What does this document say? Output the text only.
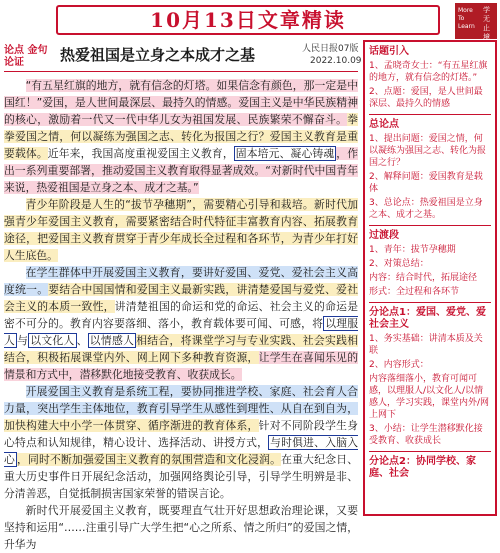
10月13日文章精读	More To Learn
学无止境
论点 金句
论证 热爱祖国是立身之本成才之基	人民日报07版
2022.10.09

“有五星红旗的地方，就有信念的灯塔。如果信念有颜色，那一定是中国红！”爱国，是人世间最深层、最持久的情感。爱国主义是中华民族精神的核心，激励着一代又一代中华儿女为祖国发展、民族繁荣不懈奋斗。拳拳爱国之情，何以凝练为强国之志、转化为报国之行？爱国主义教育是重要载体。近年来，我国高度重视爱国主义教育， 固本培元、凝心铸魂 ，作出一系列重要部署，推动爱国主义教育取得显著成效。“对新时代中国青年来说，热爱祖国是立身之本、成才之基。”

青少年阶段是人生的“拔节孕穗期”，需要精心引导和栽培。新时代加强青少年爱国主义教育，需要紧密结合时代特征丰富教育内容、拓展教育途径，把爱国主义教育贯穿于青少年成长全过程和各环节，为青少年打好人生底色。

在学生群体中开展爱国主义教育，要讲好爱国、爱党、爱社会主义高度统一。要结合中国国情和爱国主义最新实践，讲清楚爱国与爱党、爱社会主义的本质一致性，讲清楚祖国的命运和党的命运、社会主义的命运是密不可分的。教育内容要落细、落小，教育载体要可闻、可感，将 以理服人 与 以文化人 、 以情感人 相结合，将课堂学习与专业实践、社会实践相结合，积极拓展课堂内外、网上网下多种教育资源，让学生在喜闻乐见的情景和方式中，潜移默化地接受教育、收获成长。

开展爱国主义教育是系统工程，要协同推进学校、家庭、社会育人合力量，突出学生主体地位，教育引导学生从感性到理性、从自在到自为，加快构建大中小学一体贯穿、循序渐进的教育体系，针对不同阶段学生身心特点和认知规律，精心设计、选择活动、讲授方式， 与时俱进、入脑入心 ，同时不断加强爱国主义教育的氛围营造和文化浸润。在重大纪念日、重大历史事件日开展纪念活动，加强网络舆论引导，引导学生明辨是非、分清善恶，自觉抵制损害国家荣誉的错误言论。

新时代开展爱国主义教育，既要理直气壮开好思想政治理论课，又要坚持和运用“……注重引导广大学生把“心之所系、情之所归”的爱国之情，升华为

话题引入
1、孟晓奇女士：“有五星红旗的地方，就有信念的灯塔。”
2、点题：爱国，是人世间最深层、最持久的情感
总论点
1、提出问题：爱国之情，何以凝练为强国之志、转化为报国之行？
2、解释问题：爱国教育是载体
3、总论点：热爱祖国是立身之本、成才之基。
过渡段
1、青年：拔节孕穗期
2、对策总结：
内容：结合时代，拓展途径
形式：全过程和各环节
分论点1：爱国、爱党、爱社会主义
1、务实基础：讲清本质及关联
2、内容形式：
内容落细落小，教育可闻可感，以理服人/以文化人/以情感人，学习实践，课堂内外/网上网下
3、小结：让学生潜移默化接受教育、收获成长
分论点2：协同学校、家庭、社会
